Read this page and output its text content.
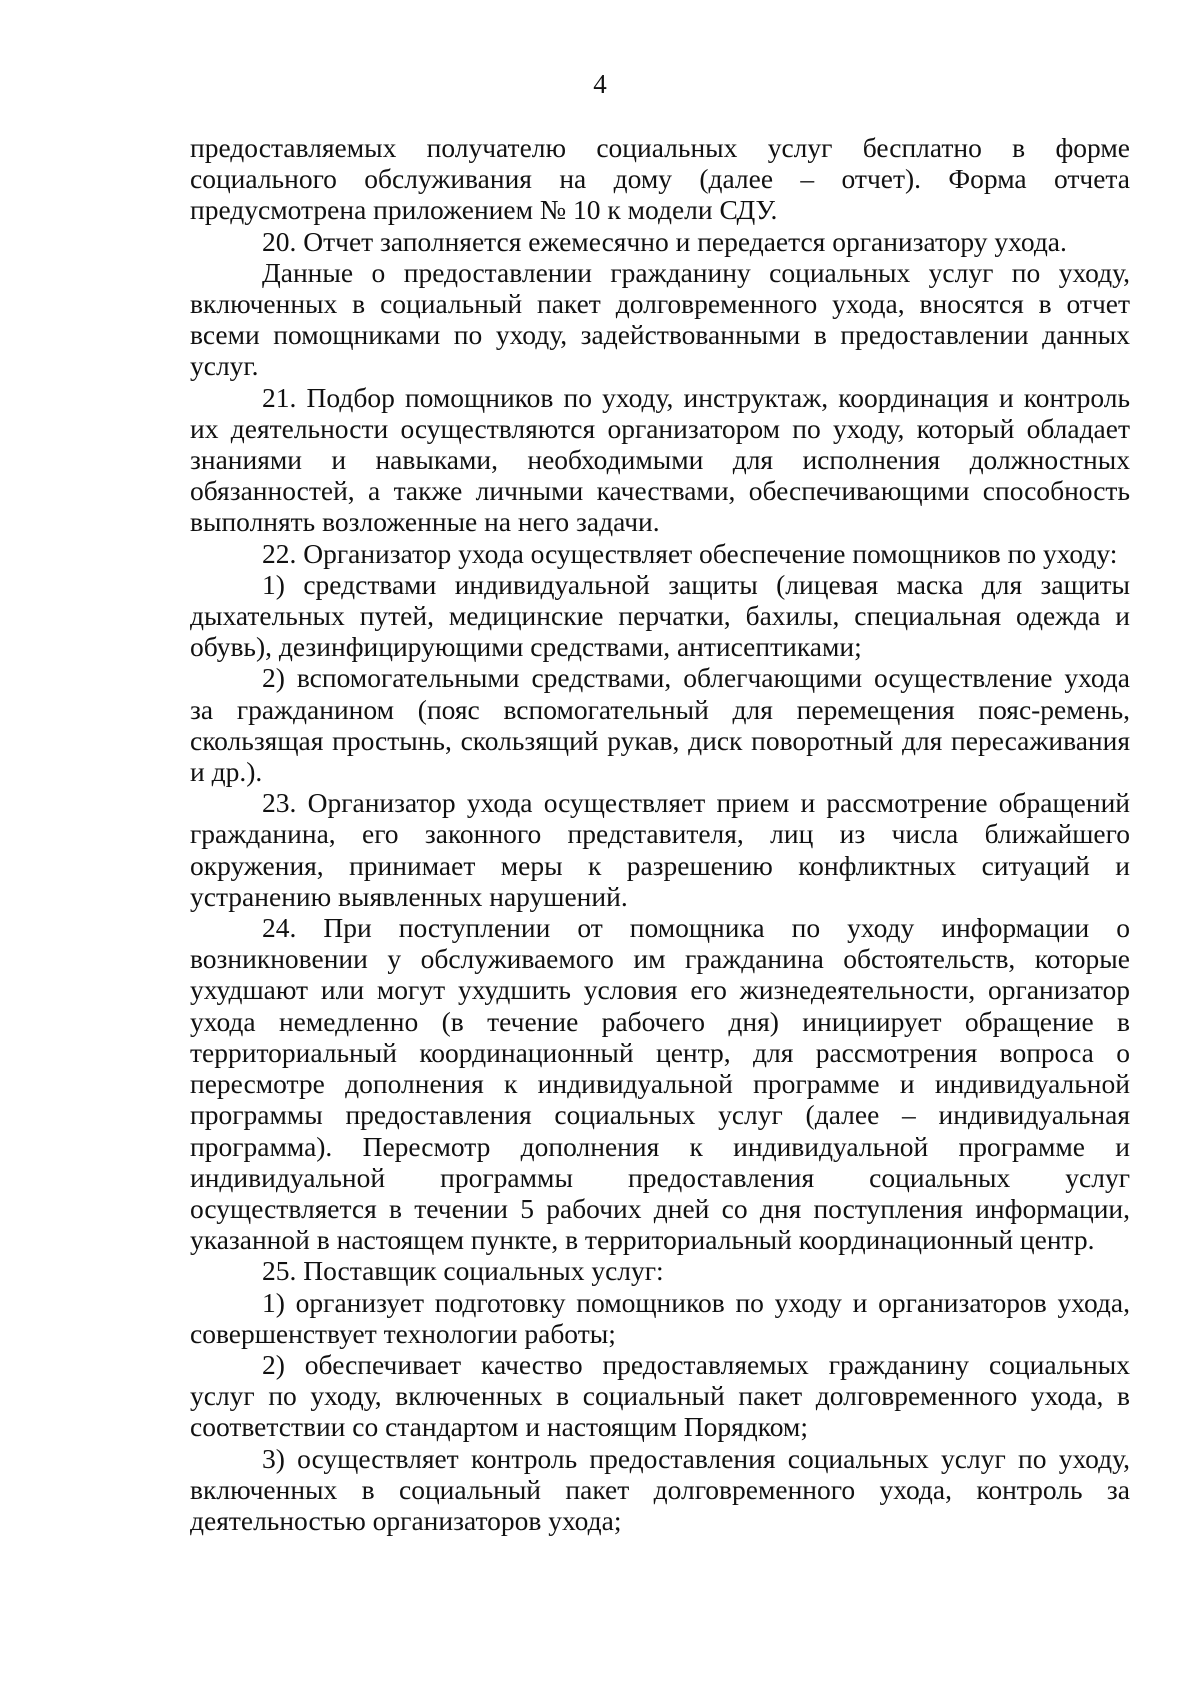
4

предоставляемых получателю социальных услуг бесплатно в форме социального обслуживания на дому (далее – отчет). Форма отчета предусмотрена приложением № 10 к модели СДУ.

20. Отчет заполняется ежемесячно и передается организатору ухода.

Данные о предоставлении гражданину социальных услуг по уходу, включенных в социальный пакет долговременного ухода, вносятся в отчет всеми помощниками по уходу, задействованными в предоставлении данных услуг.

21. Подбор помощников по уходу, инструктаж, координация и контроль их деятельности осуществляются организатором по уходу, который обладает знаниями и навыками, необходимыми для исполнения должностных обязанностей, а также личными качествами, обеспечивающими способность выполнять возложенные на него задачи.

22. Организатор ухода осуществляет обеспечение помощников по уходу:

1) средствами индивидуальной защиты (лицевая маска для защиты дыхательных путей, медицинские перчатки, бахилы, специальная одежда и обувь), дезинфицирующими средствами, антисептиками;

2) вспомогательными средствами, облегчающими осуществление ухода за гражданином (пояс вспомогательный для перемещения пояс-ремень, скользящая простынь, скользящий рукав, диск поворотный для пересаживания и др.).

23. Организатор ухода осуществляет прием и рассмотрение обращений гражданина, его законного представителя, лиц из числа ближайшего окружения, принимает меры к разрешению конфликтных ситуаций и устранению выявленных нарушений.

24. При поступлении от помощника по уходу информации о возникновении у обслуживаемого им гражданина обстоятельств, которые ухудшают или могут ухудшить условия его жизнедеятельности, организатор ухода немедленно (в течение рабочего дня) инициирует обращение в территориальный координационный центр, для рассмотрения вопроса о пересмотре дополнения к индивидуальной программе и индивидуальной программы предоставления социальных услуг (далее – индивидуальная программа). Пересмотр дополнения к индивидуальной программе и индивидуальной программы предоставления социальных услуг осуществляется в течении 5 рабочих дней со дня поступления информации, указанной в настоящем пункте, в территориальный координационный центр.

25. Поставщик социальных услуг:

1) организует подготовку помощников по уходу и организаторов ухода, совершенствует технологии работы;

2) обеспечивает качество предоставляемых гражданину социальных услуг по уходу, включенных в социальный пакет долговременного ухода, в соответствии со стандартом и настоящим Порядком;

3) осуществляет контроль предоставления социальных услуг по уходу, включенных в социальный пакет долговременного ухода, контроль за деятельностью организаторов ухода;
